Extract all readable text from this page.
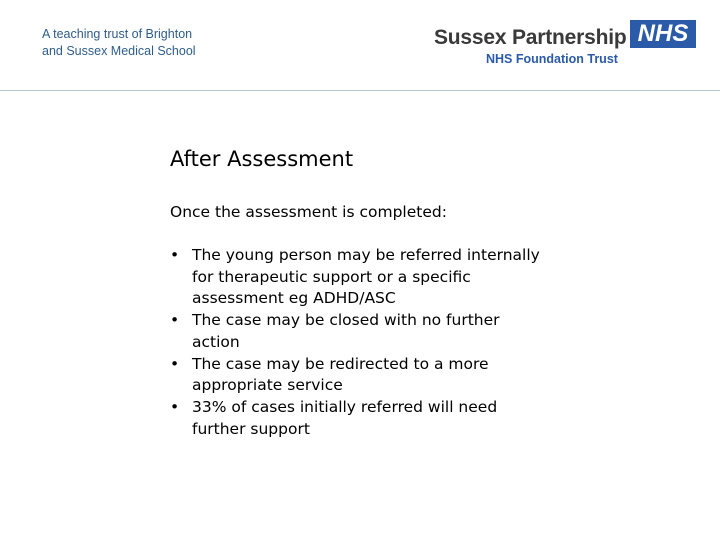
A teaching trust of Brighton
and Sussex Medical School
Sussex Partnership NHS
NHS Foundation Trust
After Assessment
Once the assessment is completed:
• The young person may be referred internally for therapeutic support or a specific assessment eg ADHD/ASC
• The case may be closed with no further action
• The case may be redirected to a more appropriate service
• 33% of cases initially referred will need further support
